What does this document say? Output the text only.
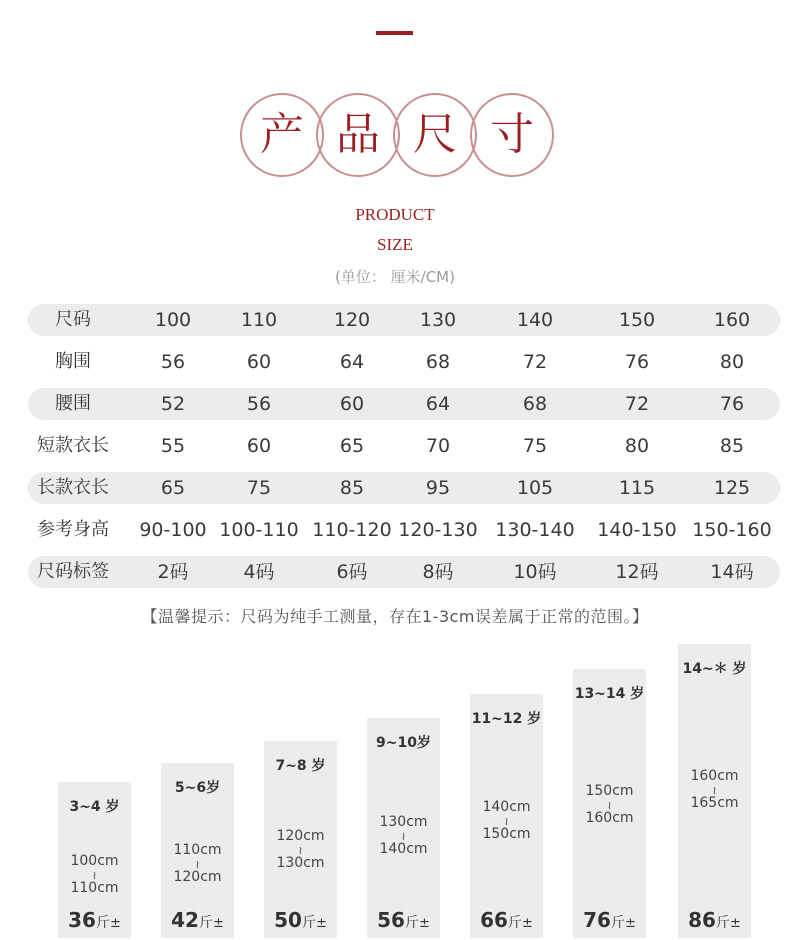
产 品 尺 寸
PRODUCT
SIZE
(单位： 厘米/CM)
尺码	100	110	120	130	140	150	160
胸围	56	60	64	68	72	76	80
腰围	52	56	60	64	68	72	76
短款衣长	55	60	65	70	75	80	85
长款衣长	65	75	85	95	105	115	125
参考身高	90-100 100-110 110-120 120-130 130-140	140-150 150-160
尺码标签	2码	4码	6码	8码	10码	12码	14码
【温馨提示：尺码为纯手工测量，存在1-3cm误差属于正常的范围。】
3~4 岁
100cm
≀
110cm
36斤±
5~6岁
110cm
≀
120cm
42斤±
7~8 岁
120cm
≀
130cm
50斤±
9~10岁
130cm
≀
140cm
56斤±
11~12 岁
140cm
≀
150cm
66斤±
13~14 岁
150cm
≀
160cm
76斤±
14~＊ 岁
160cm
≀
165cm
86斤±
